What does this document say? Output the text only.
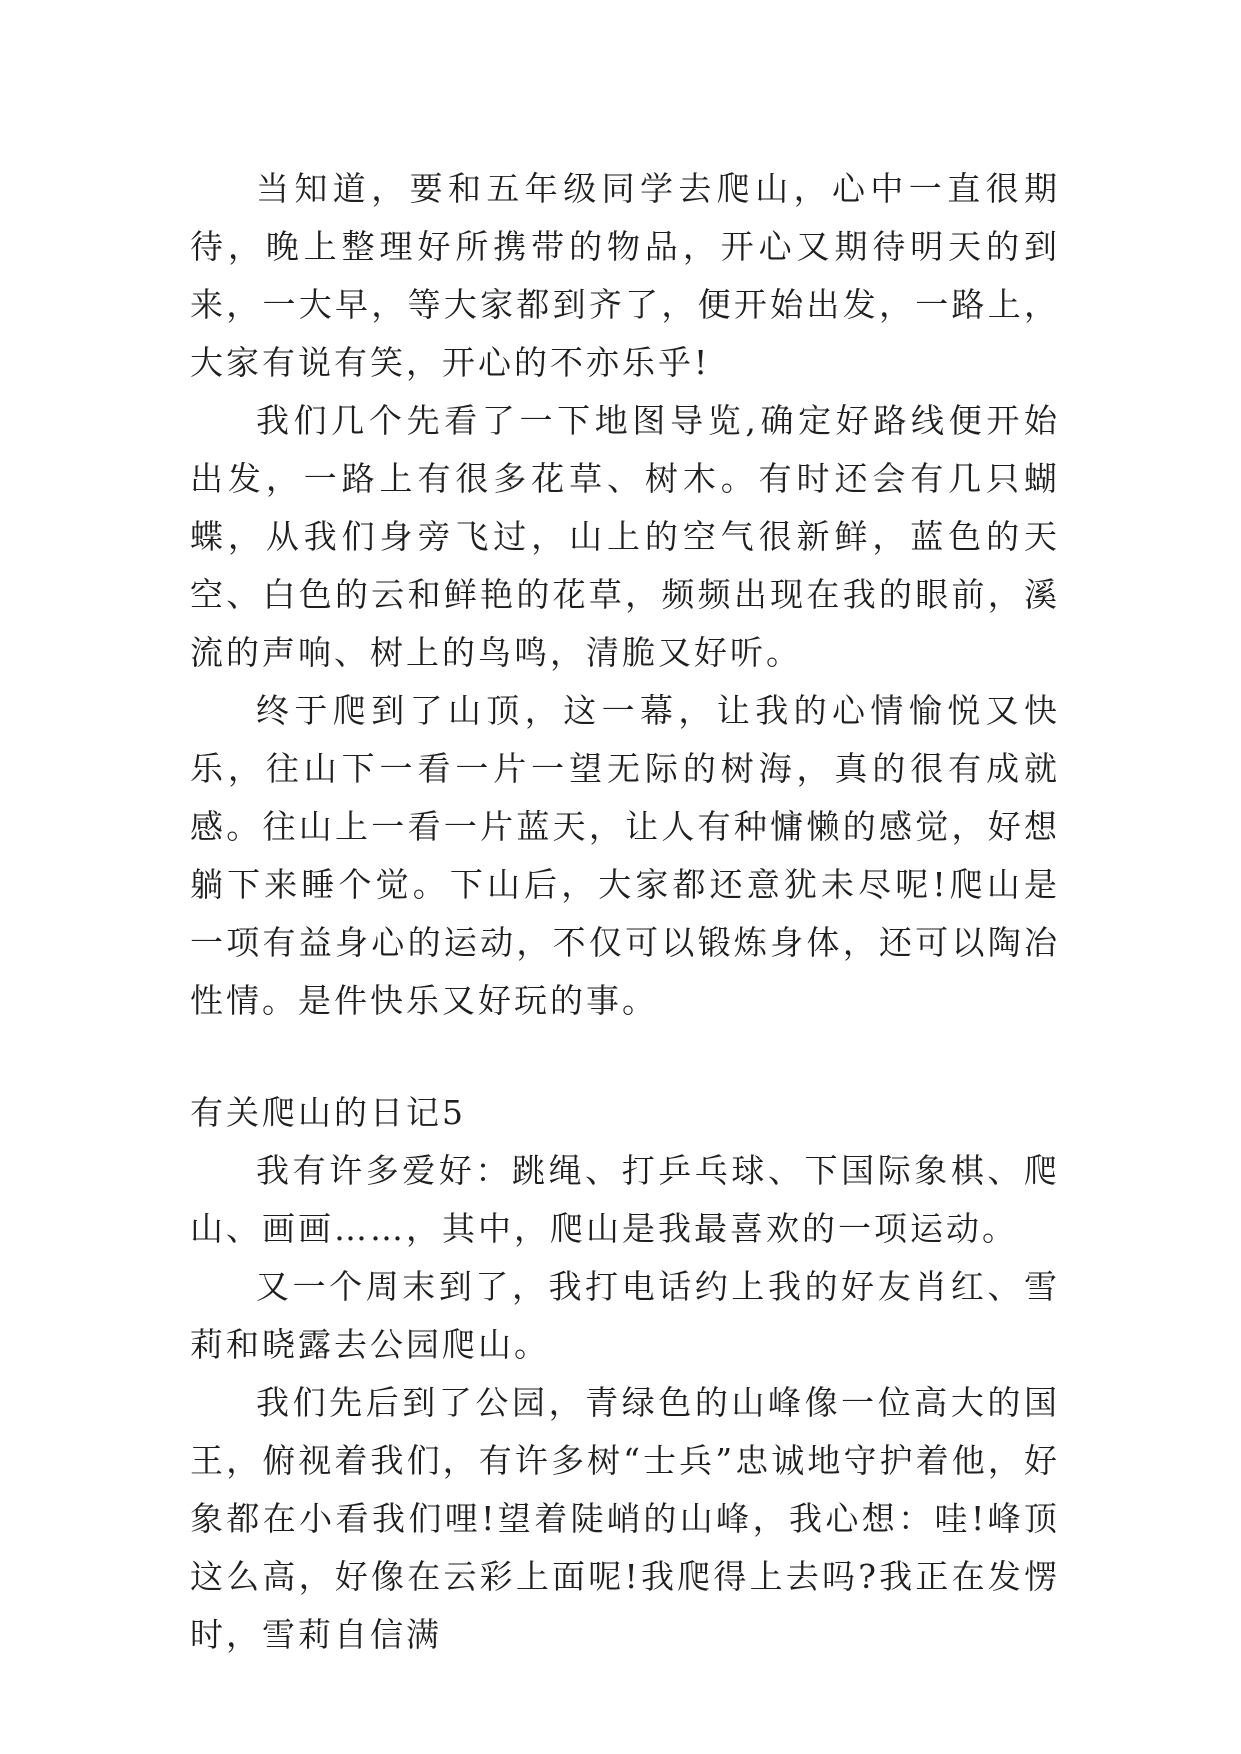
当知道，要和五年级同学去爬山，心中一直很期待，晚上整理好所携带的物品，开心又期待明天的到来，一大早，等大家都到齐了，便开始出发，一路上，大家有说有笑，开心的不亦乐乎!

我们几个先看了一下地图导览,确定好路线便开始出发，一路上有很多花草、树木。有时还会有几只蝴蝶，从我们身旁飞过，山上的空气很新鲜，蓝色的天空、白色的云和鲜艳的花草，频频出现在我的眼前，溪流的声响、树上的鸟鸣，清脆又好听。

终于爬到了山顶，这一幕，让我的心情愉悦又快乐，往山下一看一片一望无际的树海，真的很有成就感。往山上一看一片蓝天，让人有种慵懒的感觉，好想躺下来睡个觉。下山后，大家都还意犹未尽呢!爬山是一项有益身心的运动，不仅可以锻炼身体，还可以陶冶性情。是件快乐又好玩的事。

有关爬山的日记5

我有许多爱好：跳绳、打乒乓球、下国际象棋、爬山、画画……，其中，爬山是我最喜欢的一项运动。

又一个周末到了，我打电话约上我的好友肖红、雪莉和晓露去公园爬山。

我们先后到了公园，青绿色的山峰像一位高大的国王，俯视着我们，有许多树“士兵”忠诚地守护着他，好象都在小看我们哩!望着陡峭的山峰，我心想：哇!峰顶这么高，好像在云彩上面呢!我爬得上去吗?我正在发愣时，雪莉自信满
